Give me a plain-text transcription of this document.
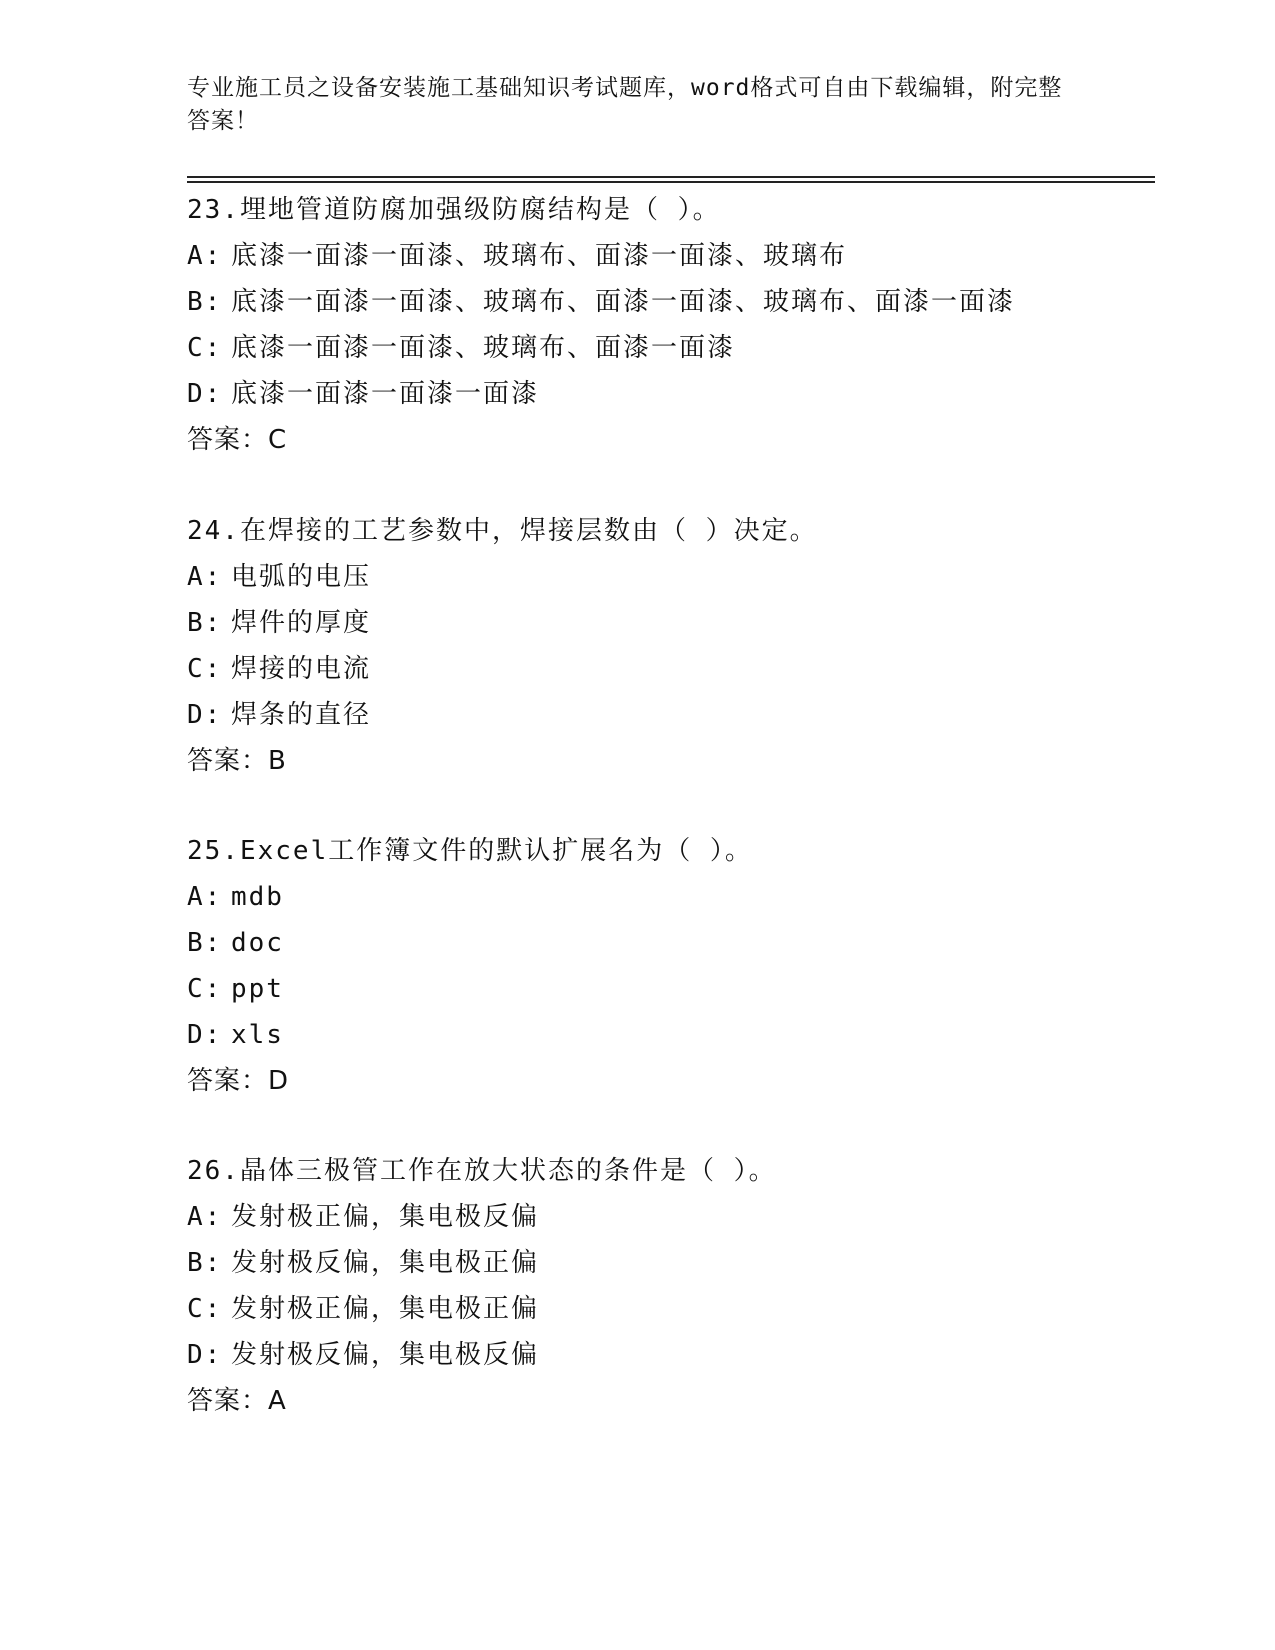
专业施工员之设备安装施工基础知识考试题库，word格式可自由下载编辑，附完整答案！
23.埋地管道防腐加强级防腐结构是（ ）。
A: 底漆一面漆一面漆、玻璃布、面漆一面漆、玻璃布
B: 底漆一面漆一面漆、玻璃布、面漆一面漆、玻璃布、面漆一面漆
C: 底漆一面漆一面漆、玻璃布、面漆一面漆
D: 底漆一面漆一面漆一面漆
答案：C
24.在焊接的工艺参数中，焊接层数由（ ）决定。
A: 电弧的电压
B: 焊件的厚度
C: 焊接的电流
D: 焊条的直径
答案：B
25.Excel工作簿文件的默认扩展名为（ ）。
A: mdb
B: doc
C: ppt
D: xls
答案：D
26.晶体三极管工作在放大状态的条件是（ ）。
A: 发射极正偏，集电极反偏
B: 发射极反偏，集电极正偏
C: 发射极正偏，集电极正偏
D: 发射极反偏，集电极反偏
答案：A
